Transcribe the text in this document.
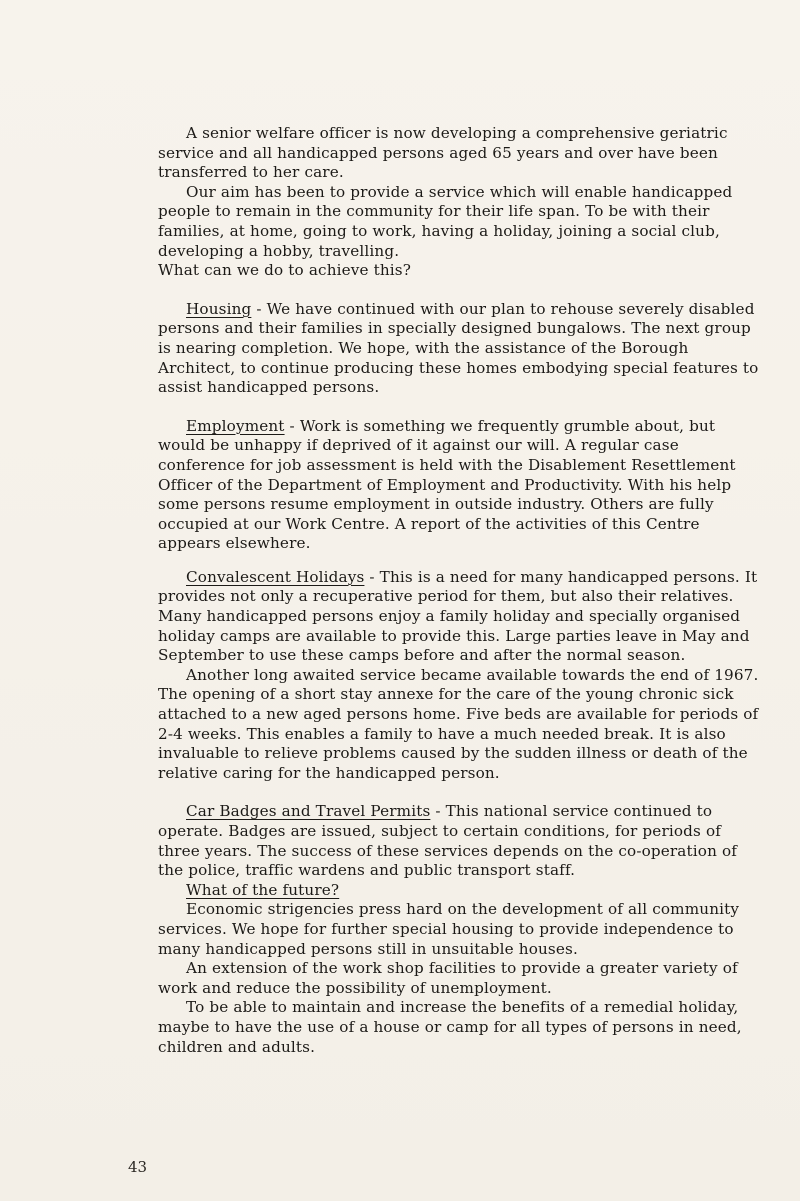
A senior welfare officer is now developing a comprehensive geriatric service and all handicapped persons aged 65 years and over have been transferred to her care.

Our aim has been to provide a service which will enable handicapped people to remain in the community for their life span. To be with their families, at home, going to work, having a holiday, joining a social club, developing a hobby, travelling.

What can we do to achieve this?

Housing - We have continued with our plan to rehouse severely disabled persons and their families in specially designed bungalows. The next group is nearing completion. We hope, with the assistance of the Borough Architect, to continue producing these homes embodying special features to assist handicapped persons.

Employment - Work is something we frequently grumble about, but would be unhappy if deprived of it against our will. A regular case conference for job assessment is held with the Disablement Resettlement Officer of the Department of Employment and Productivity. With his help some persons resume employment in outside industry. Others are fully occupied at our Work Centre. A report of the activities of this Centre appears elsewhere.

Convalescent Holidays - This is a need for many handicapped persons. It provides not only a recuperative period for them, but also their relatives. Many handicapped persons enjoy a family holiday and specially organised holiday camps are available to provide this. Large parties leave in May and September to use these camps before and after the normal season.

Another long awaited service became available towards the end of 1967. The opening of a short stay annexe for the care of the young chronic sick attached to a new aged persons home. Five beds are available for periods of 2-4 weeks. This enables a family to have a much needed break. It is also invaluable to relieve problems caused by the sudden illness or death of the relative caring for the handicapped person.

Car Badges and Travel Permits - This national service continued to operate. Badges are issued, subject to certain conditions, for periods of three years. The success of these services depends on the co-operation of the police, traffic wardens and public transport staff.

What of the future?

Economic strigencies press hard on the development of all community services. We hope for further special housing to provide independence to many handicapped persons still in unsuitable houses.

An extension of the work shop facilities to provide a greater variety of work and reduce the possibility of unemployment.

To be able to maintain and increase the benefits of a remedial holiday, maybe to have the use of a house or camp for all types of persons in need, children and adults.

43
